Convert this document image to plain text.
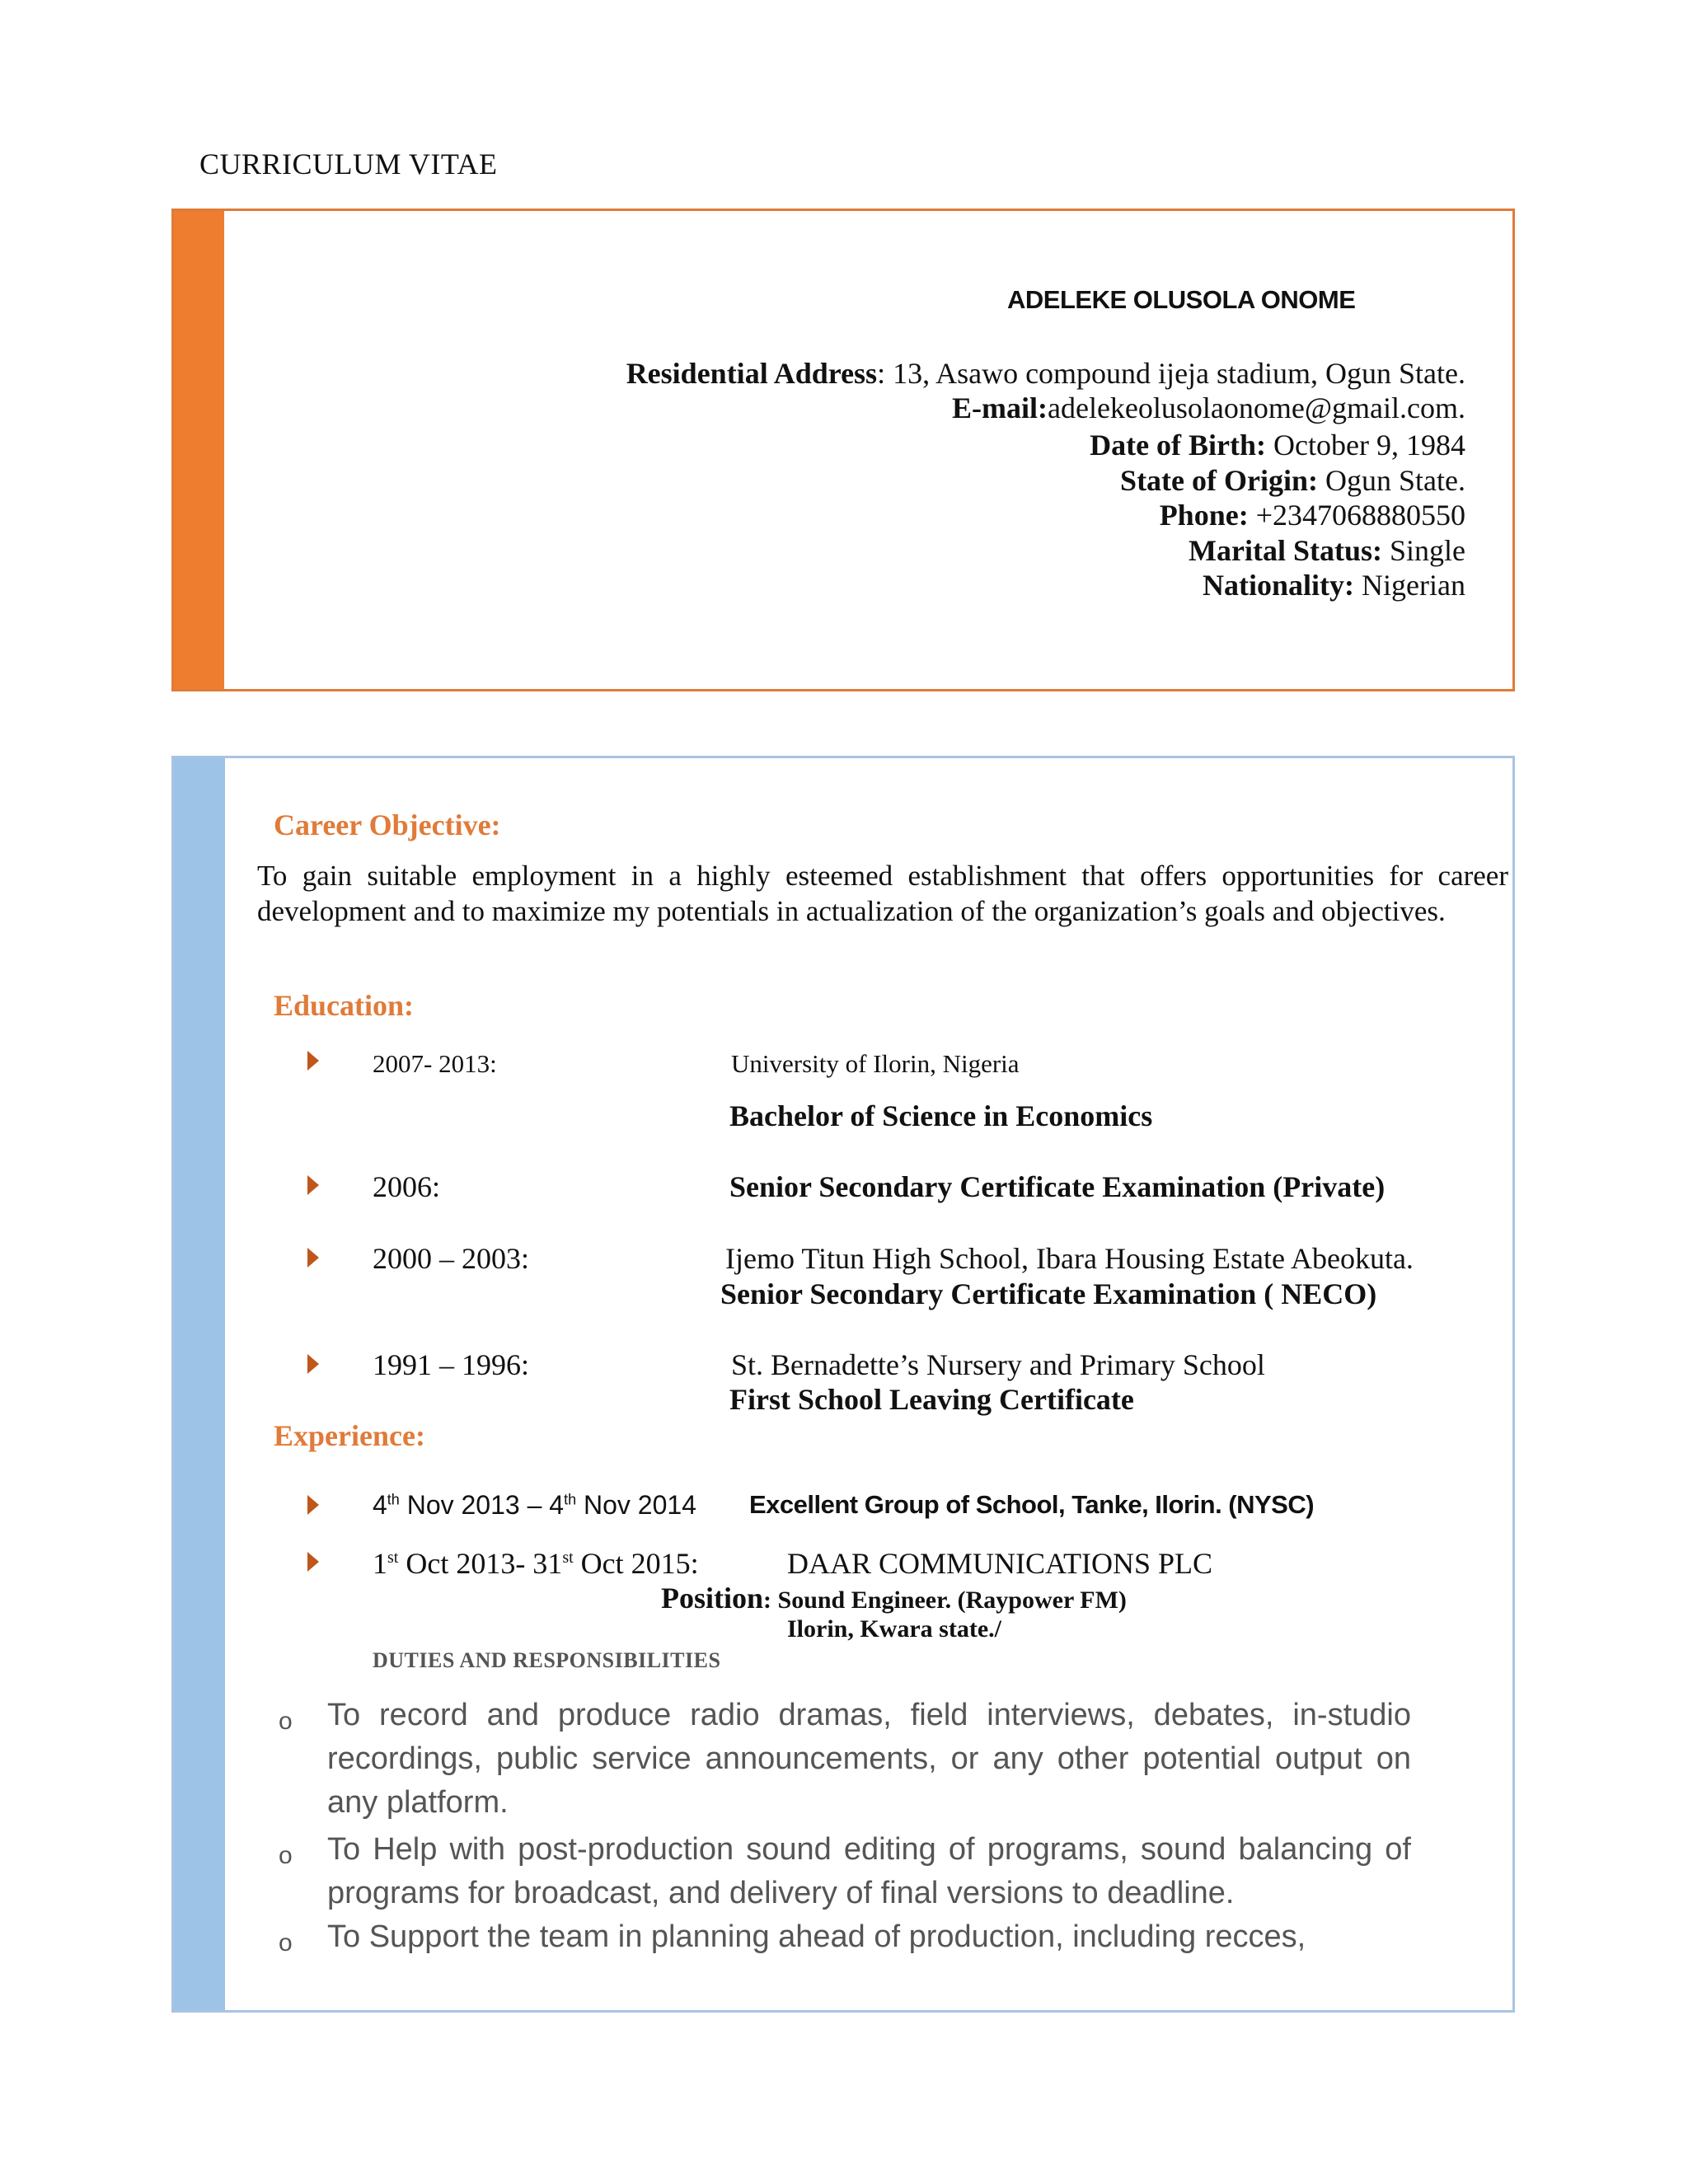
CURRICULUM VITAE
ADELEKE OLUSOLA ONOME
Residential Address: 13, Asawo compound ijeja stadium, Ogun State.
E-mail:adelekeolusolaonome@gmail.com.
Date of Birth: October 9, 1984
State of Origin: Ogun State.
Phone: +2347068880550
Marital Status: Single
Nationality: Nigerian
Career Objective:
To gain suitable employment in a highly esteemed establishment that offers opportunities for career development and to maximize my potentials in actualization of the organization’s goals and objectives.
Education:
2007- 2013:	University of Ilorin, Nigeria
Bachelor of Science in Economics
2006:	Senior Secondary Certificate Examination (Private)
2000 – 2003:	Ijemo Titun High School, Ibara Housing Estate Abeokuta.
Senior Secondary Certificate Examination ( NECO)
1991 – 1996:	St. Bernadette’s Nursery and Primary School
First School Leaving Certificate
Experience:
4th Nov 2013 – 4th Nov 2014 Excellent Group of School, Tanke, Ilorin. (NYSC)
1st Oct 2013- 31st Oct 2015:	DAAR COMMUNICATIONS PLC
Position: Sound Engineer. (Raypower FM)
Ilorin, Kwara state./
DUTIES AND RESPONSIBILITIES
o To record and produce radio dramas, field interviews, debates, in-studio recordings, public service announcements, or any other potential output on any platform.
o To Help with post-production sound editing of programs, sound balancing of programs for broadcast, and delivery of final versions to deadline.
o To Support the team in planning ahead of production, including recces,
